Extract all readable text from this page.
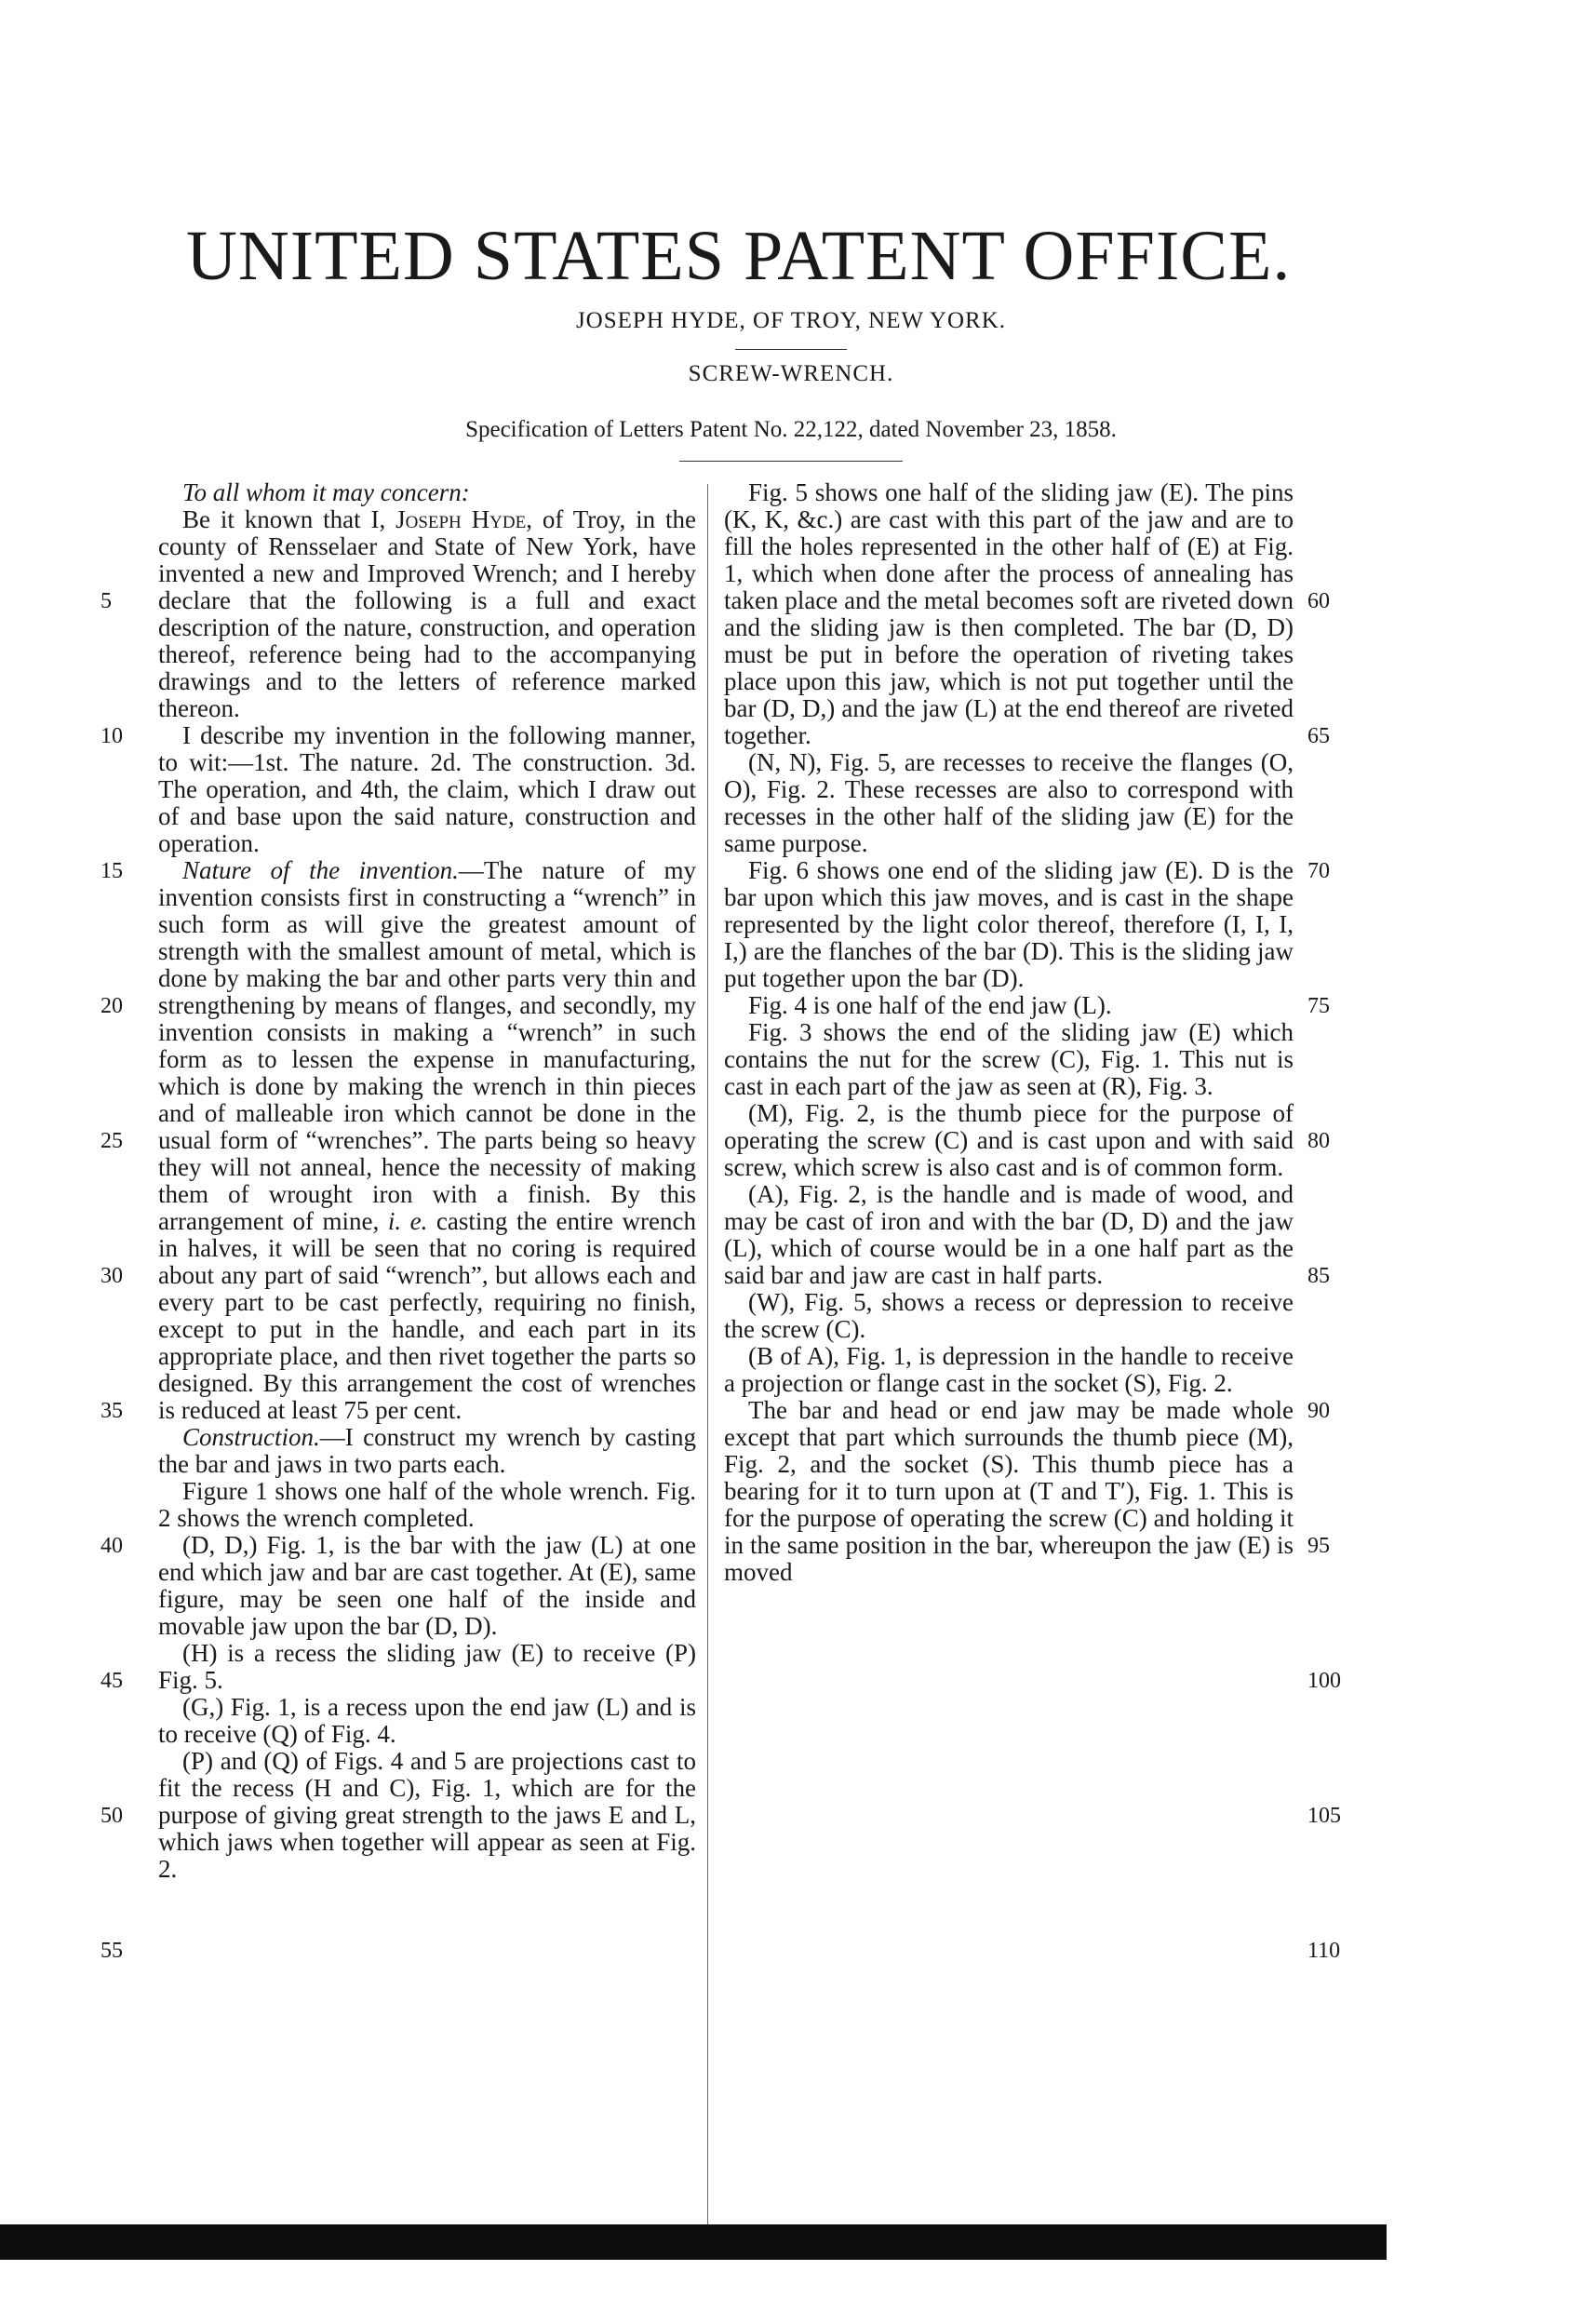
UNITED STATES PATENT OFFICE.
JOSEPH HYDE, OF TROY, NEW YORK.
SCREW-WRENCH.
Specification of Letters Patent No. 22,122, dated November 23, 1858.

To all whom it may concern:

Be it known that I, Joseph Hyde, of Troy, in the county of Rensselaer and State of New York, have invented a new and Improved Wrench; and I hereby declare that the following is a full and exact description of the nature, construction, and operation thereof, reference being had to the accompanying drawings and to the letters of reference marked thereon.

I describe my invention in the following manner, to wit:—1st. The nature. 2d. The construction. 3d. The operation, and 4th, the claim, which I draw out of and base upon the said nature, construction and operation.

Nature of the invention.—The nature of my invention consists first in constructing a “wrench” in such form as will give the greatest amount of strength with the smallest amount of metal, which is done by making the bar and other parts very thin and strengthening by means of flanges, and secondly, my invention consists in making a “wrench” in such form as to lessen the expense in manufacturing, which is done by making the wrench in thin pieces and of malleable iron which cannot be done in the usual form of “wrenches”. The parts being so heavy they will not anneal, hence the necessity of making them of wrought iron with a finish. By this arrangement of mine, i. e. casting the entire wrench in halves, it will be seen that no coring is required about any part of said “wrench”, but allows each and every part to be cast perfectly, requiring no finish, except to put in the handle, and each part in its appropriate place, and then rivet together the parts so designed. By this arrangement the cost of wrenches is reduced at least 75 per cent.

Construction.—I construct my wrench by casting the bar and jaws in two parts each.

Figure 1 shows one half of the whole wrench. Fig. 2 shows the wrench completed.

(D, D,) Fig. 1, is the bar with the jaw (L) at one end which jaw and bar are cast together. At (E), same figure, may be seen one half of the inside and movable jaw upon the bar (D, D).

(H) is a recess the sliding jaw (E) to receive (P) Fig. 5.

(G,) Fig. 1, is a recess upon the end jaw (L) and is to receive (Q) of Fig. 4.

(P) and (Q) of Figs. 4 and 5 are projections cast to fit the recess (H and C), Fig. 1, which are for the purpose of giving great strength to the jaws E and L, which jaws when together will appear as seen at Fig. 2.

Fig. 5 shows one half of the sliding jaw (E). The pins (K, K, &c.) are cast with this part of the jaw and are to fill the holes represented in the other half of (E) at Fig. 1, which when done after the process of annealing has taken place and the metal becomes soft are riveted down and the sliding jaw is then completed. The bar (D, D) must be put in before the operation of riveting takes place upon this jaw, which is not put together until the bar (D, D,) and the jaw (L) at the end thereof are riveted together.

(N, N), Fig. 5, are recesses to receive the flanges (O, O), Fig. 2. These recesses are also to correspond with recesses in the other half of the sliding jaw (E) for the same purpose.

Fig. 6 shows one end of the sliding jaw (E). D is the bar upon which this jaw moves, and is cast in the shape represented by the light color thereof, therefore (I, I, I, I,) are the flanches of the bar (D). This is the sliding jaw put together upon the bar (D).

Fig. 4 is one half of the end jaw (L).

Fig. 3 shows the end of the sliding jaw (E) which contains the nut for the screw (C), Fig. 1. This nut is cast in each part of the jaw as seen at (R), Fig. 3.

(M), Fig. 2, is the thumb piece for the purpose of operating the screw (C) and is cast upon and with said screw, which screw is also cast and is of common form.

(A), Fig. 2, is the handle and is made of wood, and may be cast of iron and with the bar (D, D) and the jaw (L), which of course would be in a one half part as the said bar and jaw are cast in half parts.

(W), Fig. 5, shows a recess or depression to receive the screw (C).

(B of A), Fig. 1, is depression in the handle to receive a projection or flange cast in the socket (S), Fig. 2.

The bar and head or end jaw may be made whole except that part which surrounds the thumb piece (M), Fig. 2, and the socket (S). This thumb piece has a bearing for it to turn upon at (T and T′), Fig. 1. This is for the purpose of operating the screw (C) and holding it in the same position in the bar, whereupon the jaw (E) is moved

5
10
15
20
25
30
35
40
45
50
55
60
65
70
75
80
85
90
95
100
105
110
